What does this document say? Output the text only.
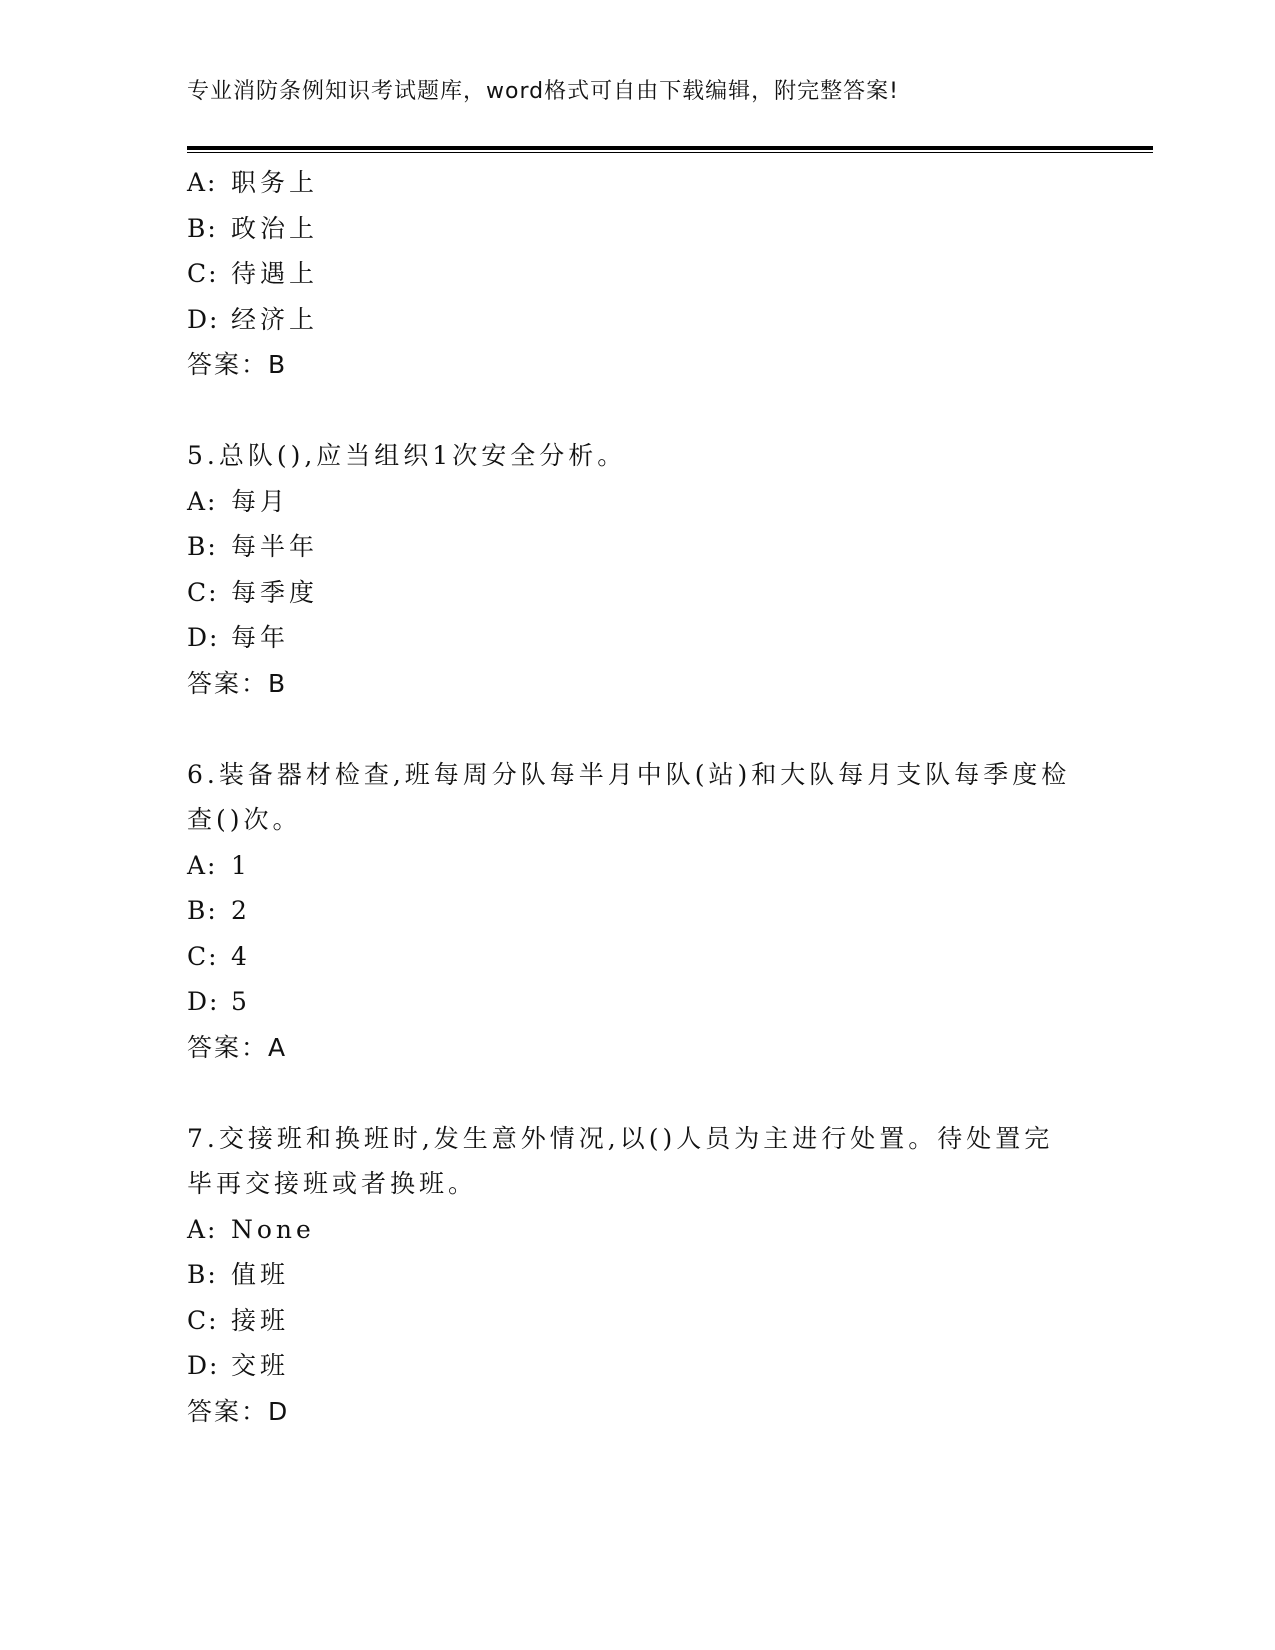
专业消防条例知识考试题库，word格式可自由下载编辑，附完整答案!
A: 职务上
B: 政治上
C: 待遇上
D: 经济上
答案：B
5.总队(),应当组织1次安全分析。
A: 每月
B: 每半年
C: 每季度
D: 每年
答案：B
6.装备器材检查,班每周分队每半月中队(站)和大队每月支队每季度检
查()次。
A: 1
B: 2
C: 4
D: 5
答案：A
7.交接班和换班时,发生意外情况,以()人员为主进行处置。待处置完
毕再交接班或者换班。
A: None
B: 值班
C: 接班
D: 交班
答案：D
